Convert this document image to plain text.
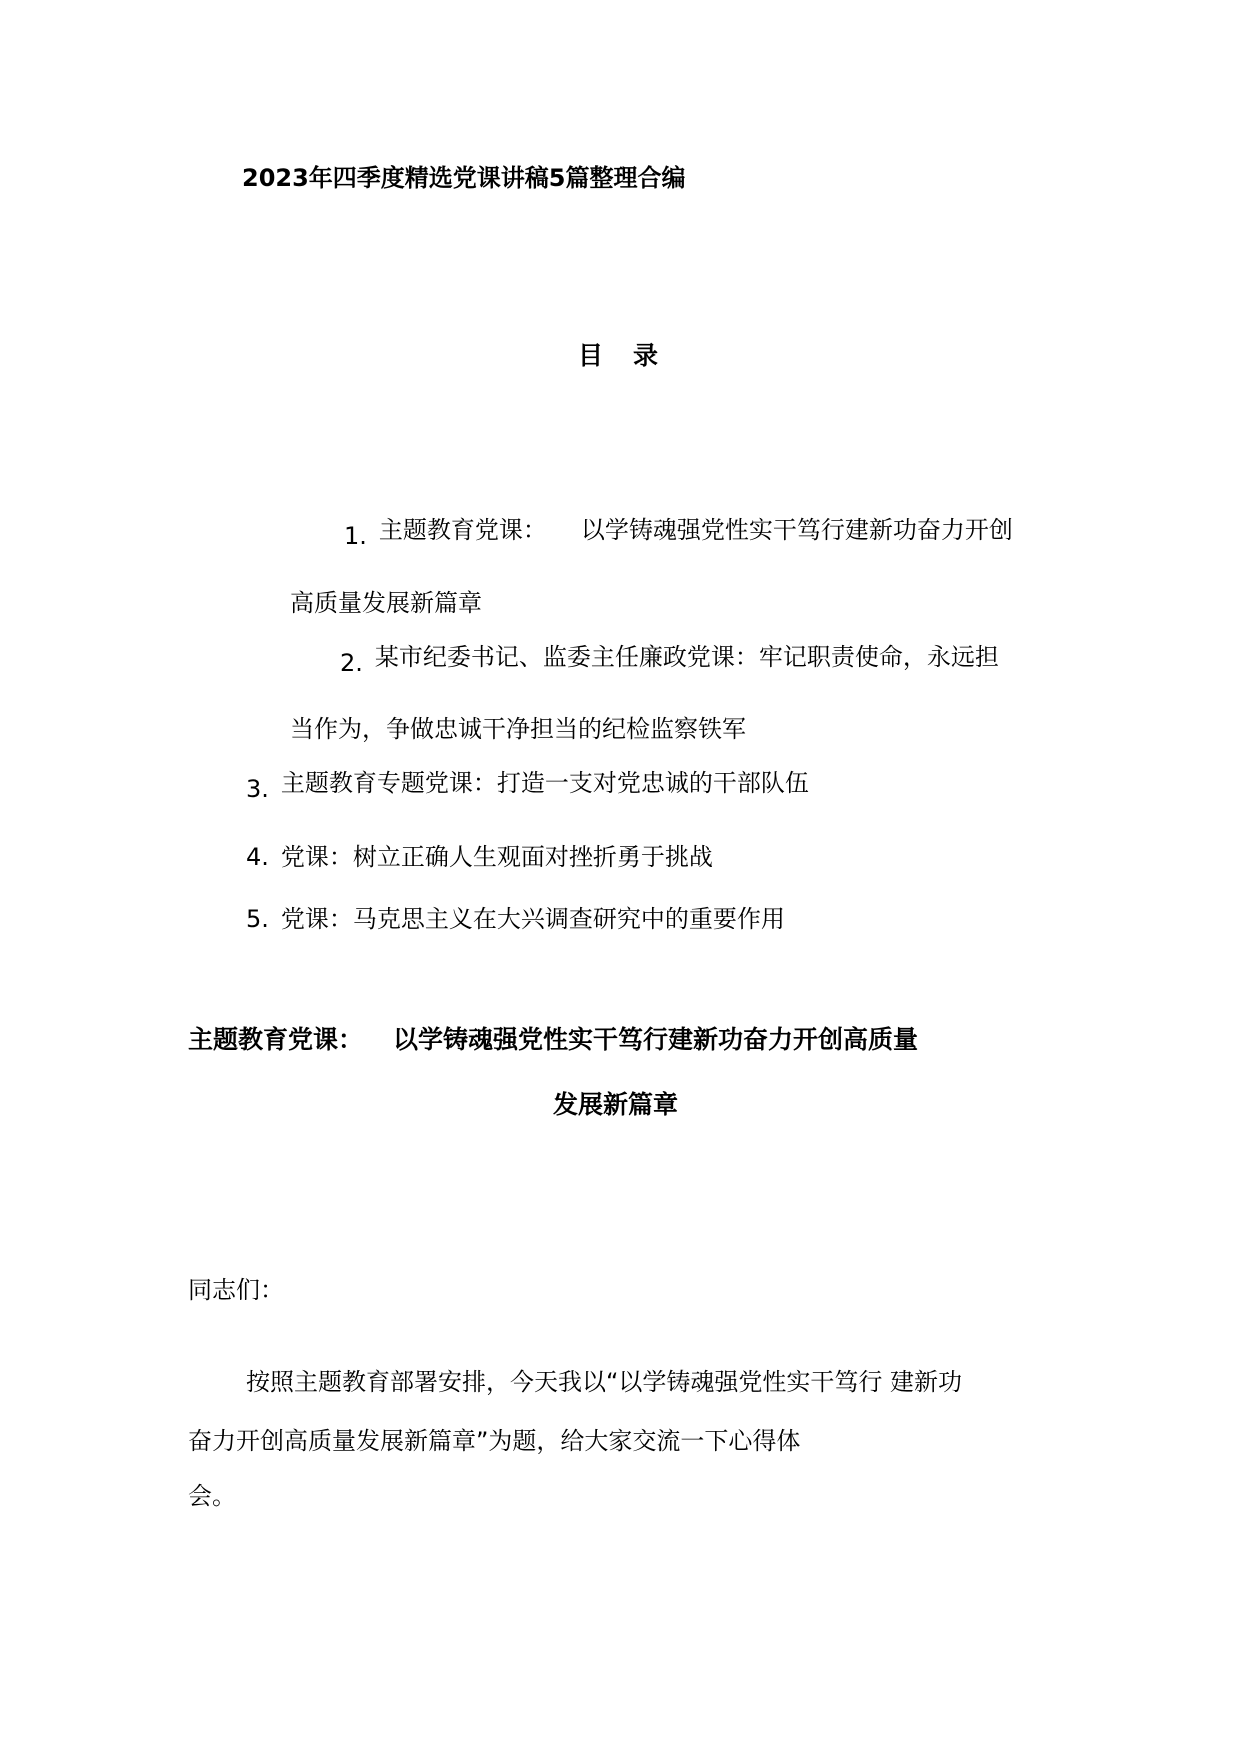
2023年四季度精选党课讲稿5篇整理合编
目 录
1. 主题教育党课： 以学铸魂强党性实干笃行建新功奋力开创
高质量发展新篇章
2. 某市纪委书记、监委主任廉政党课：牢记职责使命，永远担
当作为，争做忠诚干净担当的纪检监察铁军
3. 主题教育专题党课：打造一支对党忠诚的干部队伍
4. 党课：树立正确人生观面对挫折勇于挑战
5. 党课：马克思主义在大兴调查研究中的重要作用
主题教育党课： 以学铸魂强党性实干笃行建新功奋力开创高质量
发展新篇章
同志们：
按照主题教育部署安排，今天我以“以学铸魂强党性实干笃行 建新功
奋力开创高质量发展新篇章”为题，给大家交流一下心得体
会。
